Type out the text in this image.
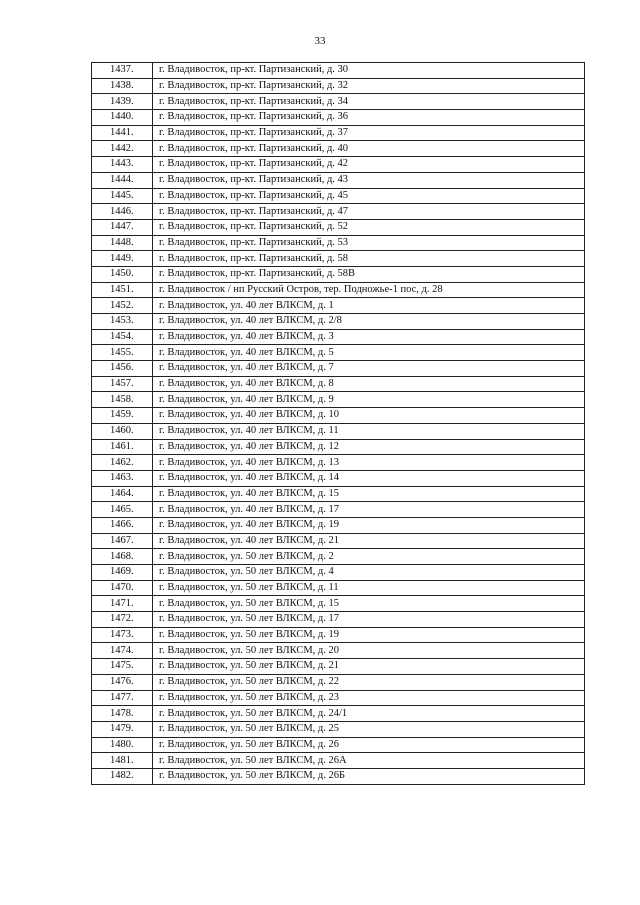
33
1437.	г. Владивосток, пр-кт. Партизанский, д. 30
1438.	г. Владивосток, пр-кт. Партизанский, д. 32
1439.	г. Владивосток, пр-кт. Партизанский, д. 34
1440.	г. Владивосток, пр-кт. Партизанский, д. 36
1441.	г. Владивосток, пр-кт. Партизанский, д. 37
1442.	г. Владивосток, пр-кт. Партизанский, д. 40
1443.	г. Владивосток, пр-кт. Партизанский, д. 42
1444.	г. Владивосток, пр-кт. Партизанский, д. 43
1445.	г. Владивосток, пр-кт. Партизанский, д. 45
1446.	г. Владивосток, пр-кт. Партизанский, д. 47
1447.	г. Владивосток, пр-кт. Партизанский, д. 52
1448.	г. Владивосток, пр-кт. Партизанский, д. 53
1449.	г. Владивосток, пр-кт. Партизанский, д. 58
1450.	г. Владивосток, пр-кт. Партизанский, д. 58В
1451.	г. Владивосток / нп Русский Остров, тер. Подножье-1 пос, д. 28
1452.	г. Владивосток, ул. 40 лет ВЛКСМ, д. 1
1453.	г. Владивосток, ул. 40 лет ВЛКСМ, д. 2/8
1454.	г. Владивосток, ул. 40 лет ВЛКСМ, д. 3
1455.	г. Владивосток, ул. 40 лет ВЛКСМ, д. 5
1456.	г. Владивосток, ул. 40 лет ВЛКСМ, д. 7
1457.	г. Владивосток, ул. 40 лет ВЛКСМ, д. 8
1458.	г. Владивосток, ул. 40 лет ВЛКСМ, д. 9
1459.	г. Владивосток, ул. 40 лет ВЛКСМ, д. 10
1460.	г. Владивосток, ул. 40 лет ВЛКСМ, д. 11
1461.	г. Владивосток, ул. 40 лет ВЛКСМ, д. 12
1462.	г. Владивосток, ул. 40 лет ВЛКСМ, д. 13
1463.	г. Владивосток, ул. 40 лет ВЛКСМ, д. 14
1464.	г. Владивосток, ул. 40 лет ВЛКСМ, д. 15
1465.	г. Владивосток, ул. 40 лет ВЛКСМ, д. 17
1466.	г. Владивосток, ул. 40 лет ВЛКСМ, д. 19
1467.	г. Владивосток, ул. 40 лет ВЛКСМ, д. 21
1468.	г. Владивосток, ул. 50 лет ВЛКСМ, д. 2
1469.	г. Владивосток, ул. 50 лет ВЛКСМ, д. 4
1470.	г. Владивосток, ул. 50 лет ВЛКСМ, д. 11
1471.	г. Владивосток, ул. 50 лет ВЛКСМ, д. 15
1472.	г. Владивосток, ул. 50 лет ВЛКСМ, д. 17
1473.	г. Владивосток, ул. 50 лет ВЛКСМ, д. 19
1474.	г. Владивосток, ул. 50 лет ВЛКСМ, д. 20
1475.	г. Владивосток, ул. 50 лет ВЛКСМ, д. 21
1476.	г. Владивосток, ул. 50 лет ВЛКСМ, д. 22
1477.	г. Владивосток, ул. 50 лет ВЛКСМ, д. 23
1478.	г. Владивосток, ул. 50 лет ВЛКСМ, д. 24/1
1479.	г. Владивосток, ул. 50 лет ВЛКСМ, д. 25
1480.	г. Владивосток, ул. 50 лет ВЛКСМ, д. 26
1481.	г. Владивосток, ул. 50 лет ВЛКСМ, д. 26А
1482.	г. Владивосток, ул. 50 лет ВЛКСМ, д. 26Б
